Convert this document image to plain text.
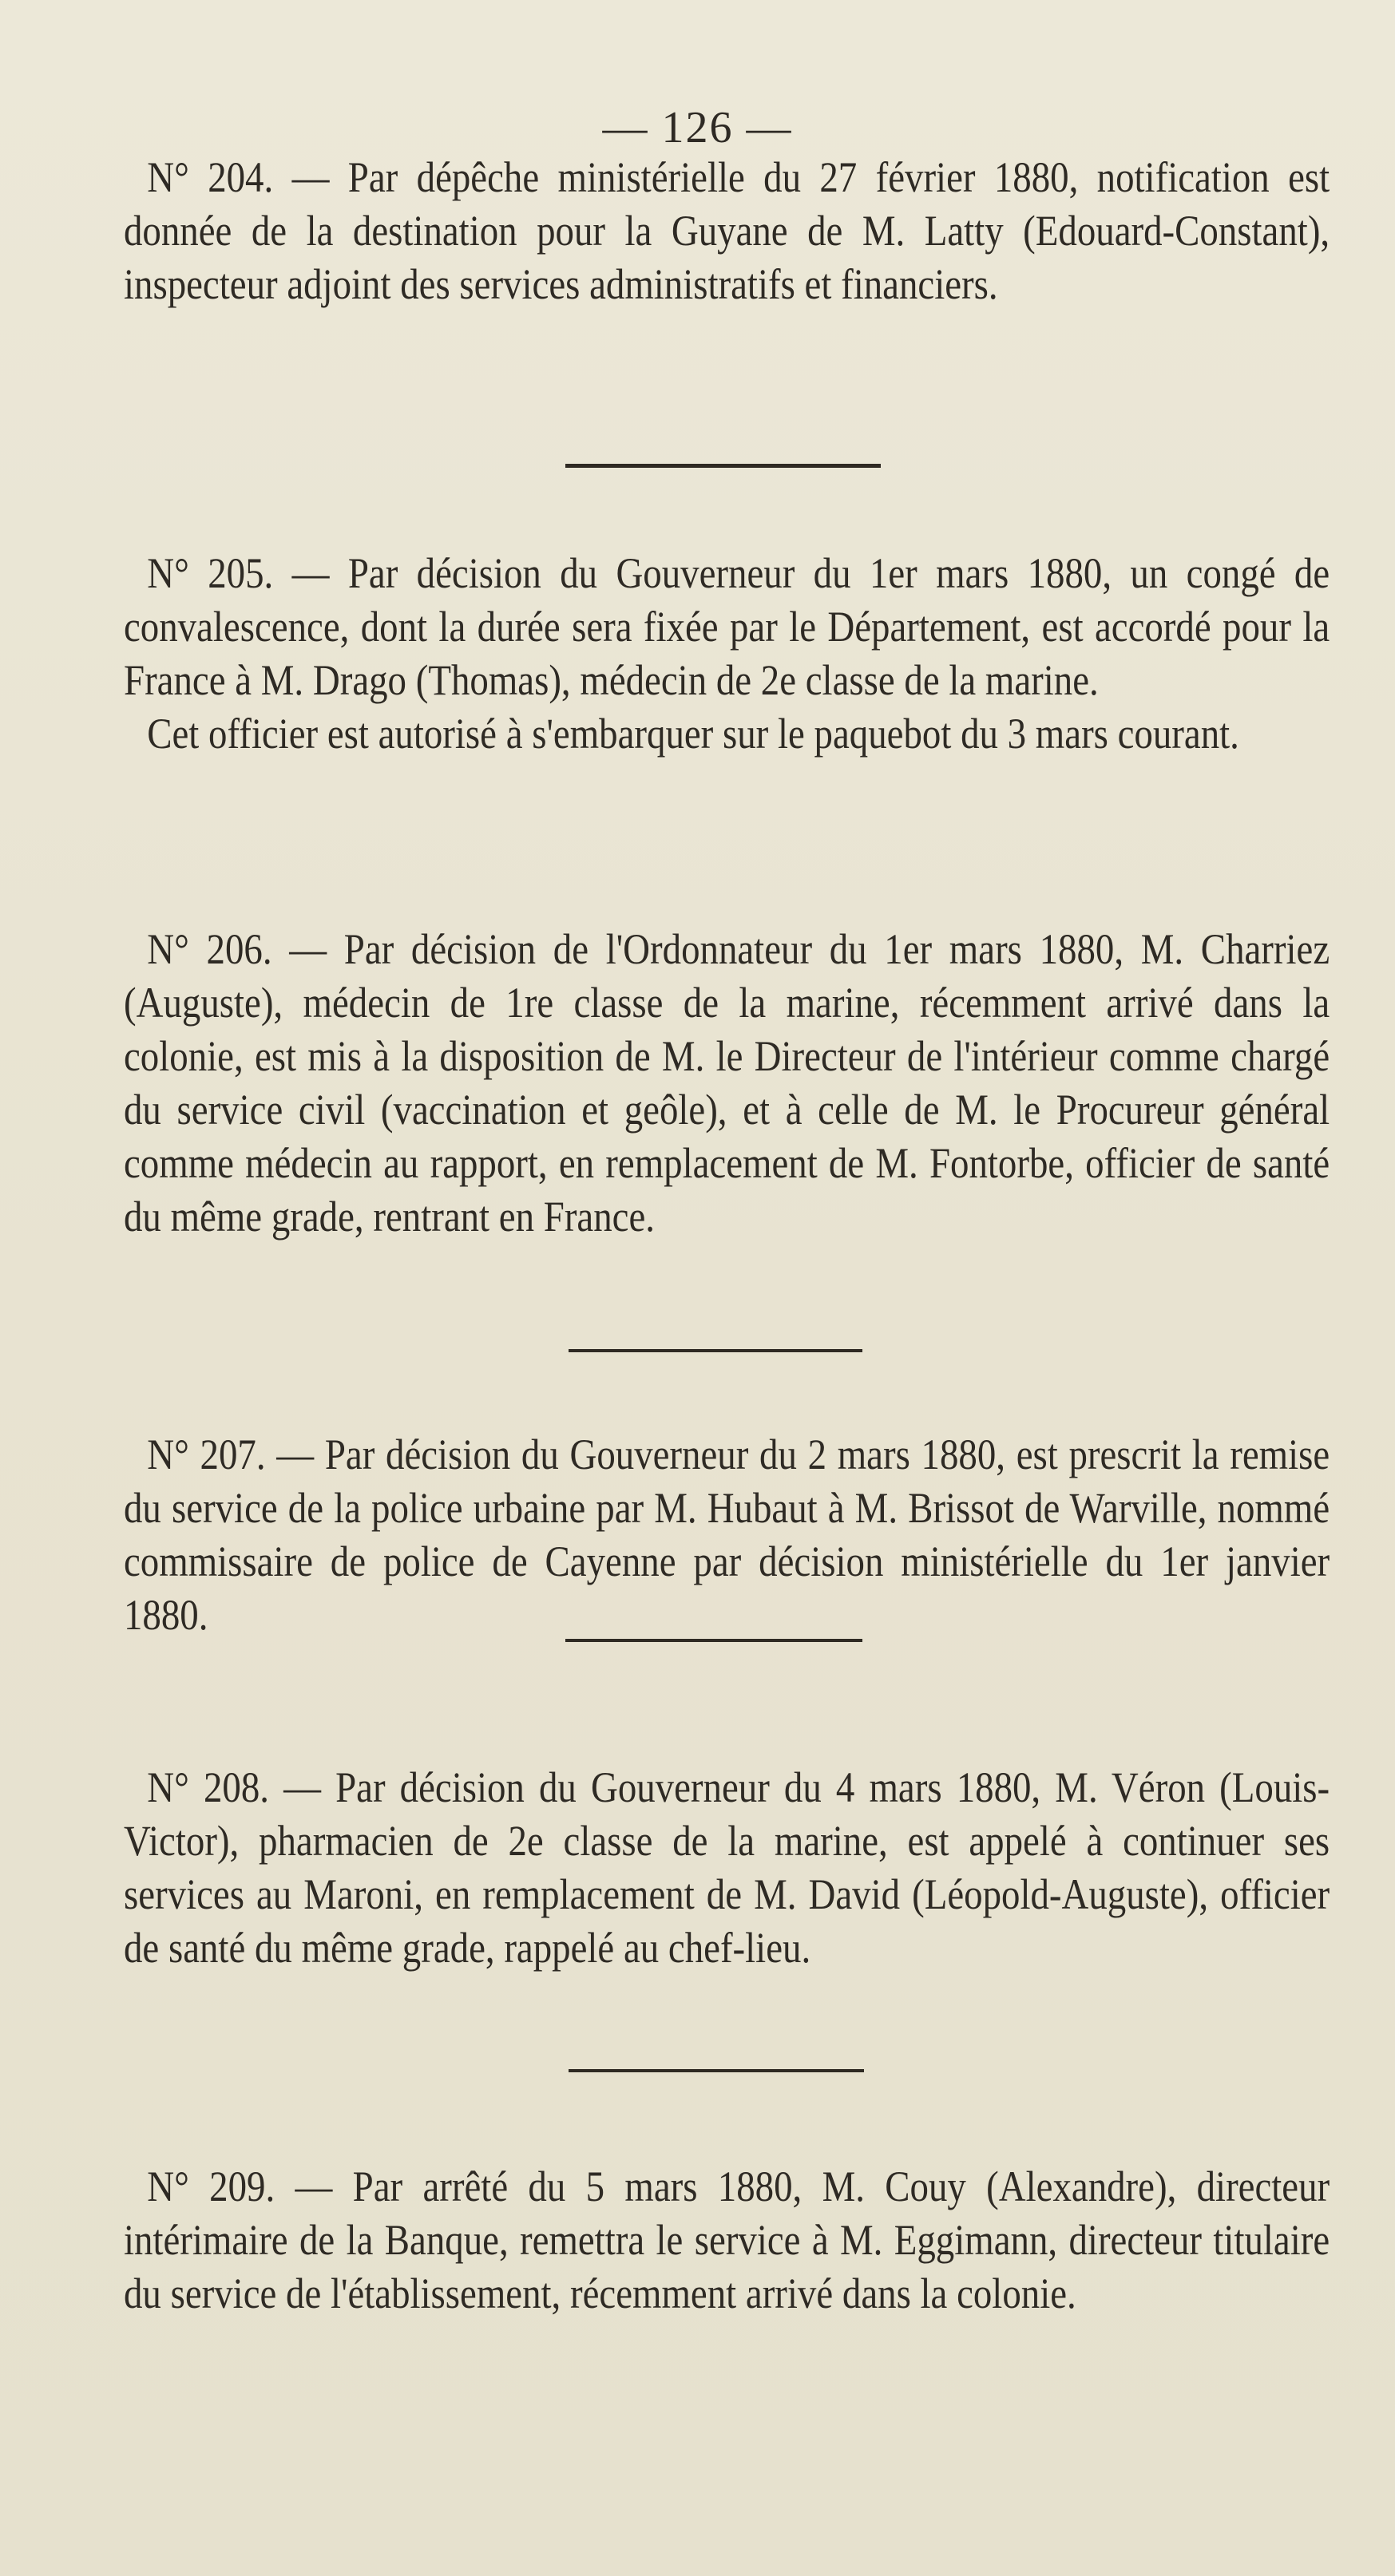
— 126 —

N° 204. — Par dépêche ministérielle du 27 février 1880, notification est donnée de la destination pour la Guyane de M. Latty (Edouard-Constant), inspecteur adjoint des services administratifs et financiers.

N° 205. — Par décision du Gouverneur du 1er mars 1880, un congé de convalescence, dont la durée sera fixée par le Département, est accordé pour la France à M. Drago (Thomas), médecin de 2e classe de la marine.

Cet officier est autorisé à s'embarquer sur le paquebot du 3 mars courant.

N° 206. — Par décision de l'Ordonnateur du 1er mars 1880, M. Charriez (Auguste), médecin de 1re classe de la marine, récemment arrivé dans la colonie, est mis à la disposition de M. le Directeur de l'intérieur comme chargé du service civil (vaccination et geôle), et à celle de M. le Procureur général comme médecin au rapport, en remplacement de M. Fontorbe, officier de santé du même grade, rentrant en France.

N° 207. — Par décision du Gouverneur du 2 mars 1880, est prescrit la remise du service de la police urbaine par M. Hubaut à M. Brissot de Warville, nommé commissaire de police de Cayenne par décision ministérielle du 1er janvier 1880.

N° 208. — Par décision du Gouverneur du 4 mars 1880, M. Véron (Louis-Victor), pharmacien de 2e classe de la marine, est appelé à continuer ses services au Maroni, en remplacement de M. David (Léopold-Auguste), officier de santé du même grade, rappelé au chef-lieu.

N° 209. — Par arrêté du 5 mars 1880, M. Couy (Alexandre), directeur intérimaire de la Banque, remettra le service à M. Eggimann, directeur titulaire du service de l'établissement, récemment arrivé dans la colonie.
